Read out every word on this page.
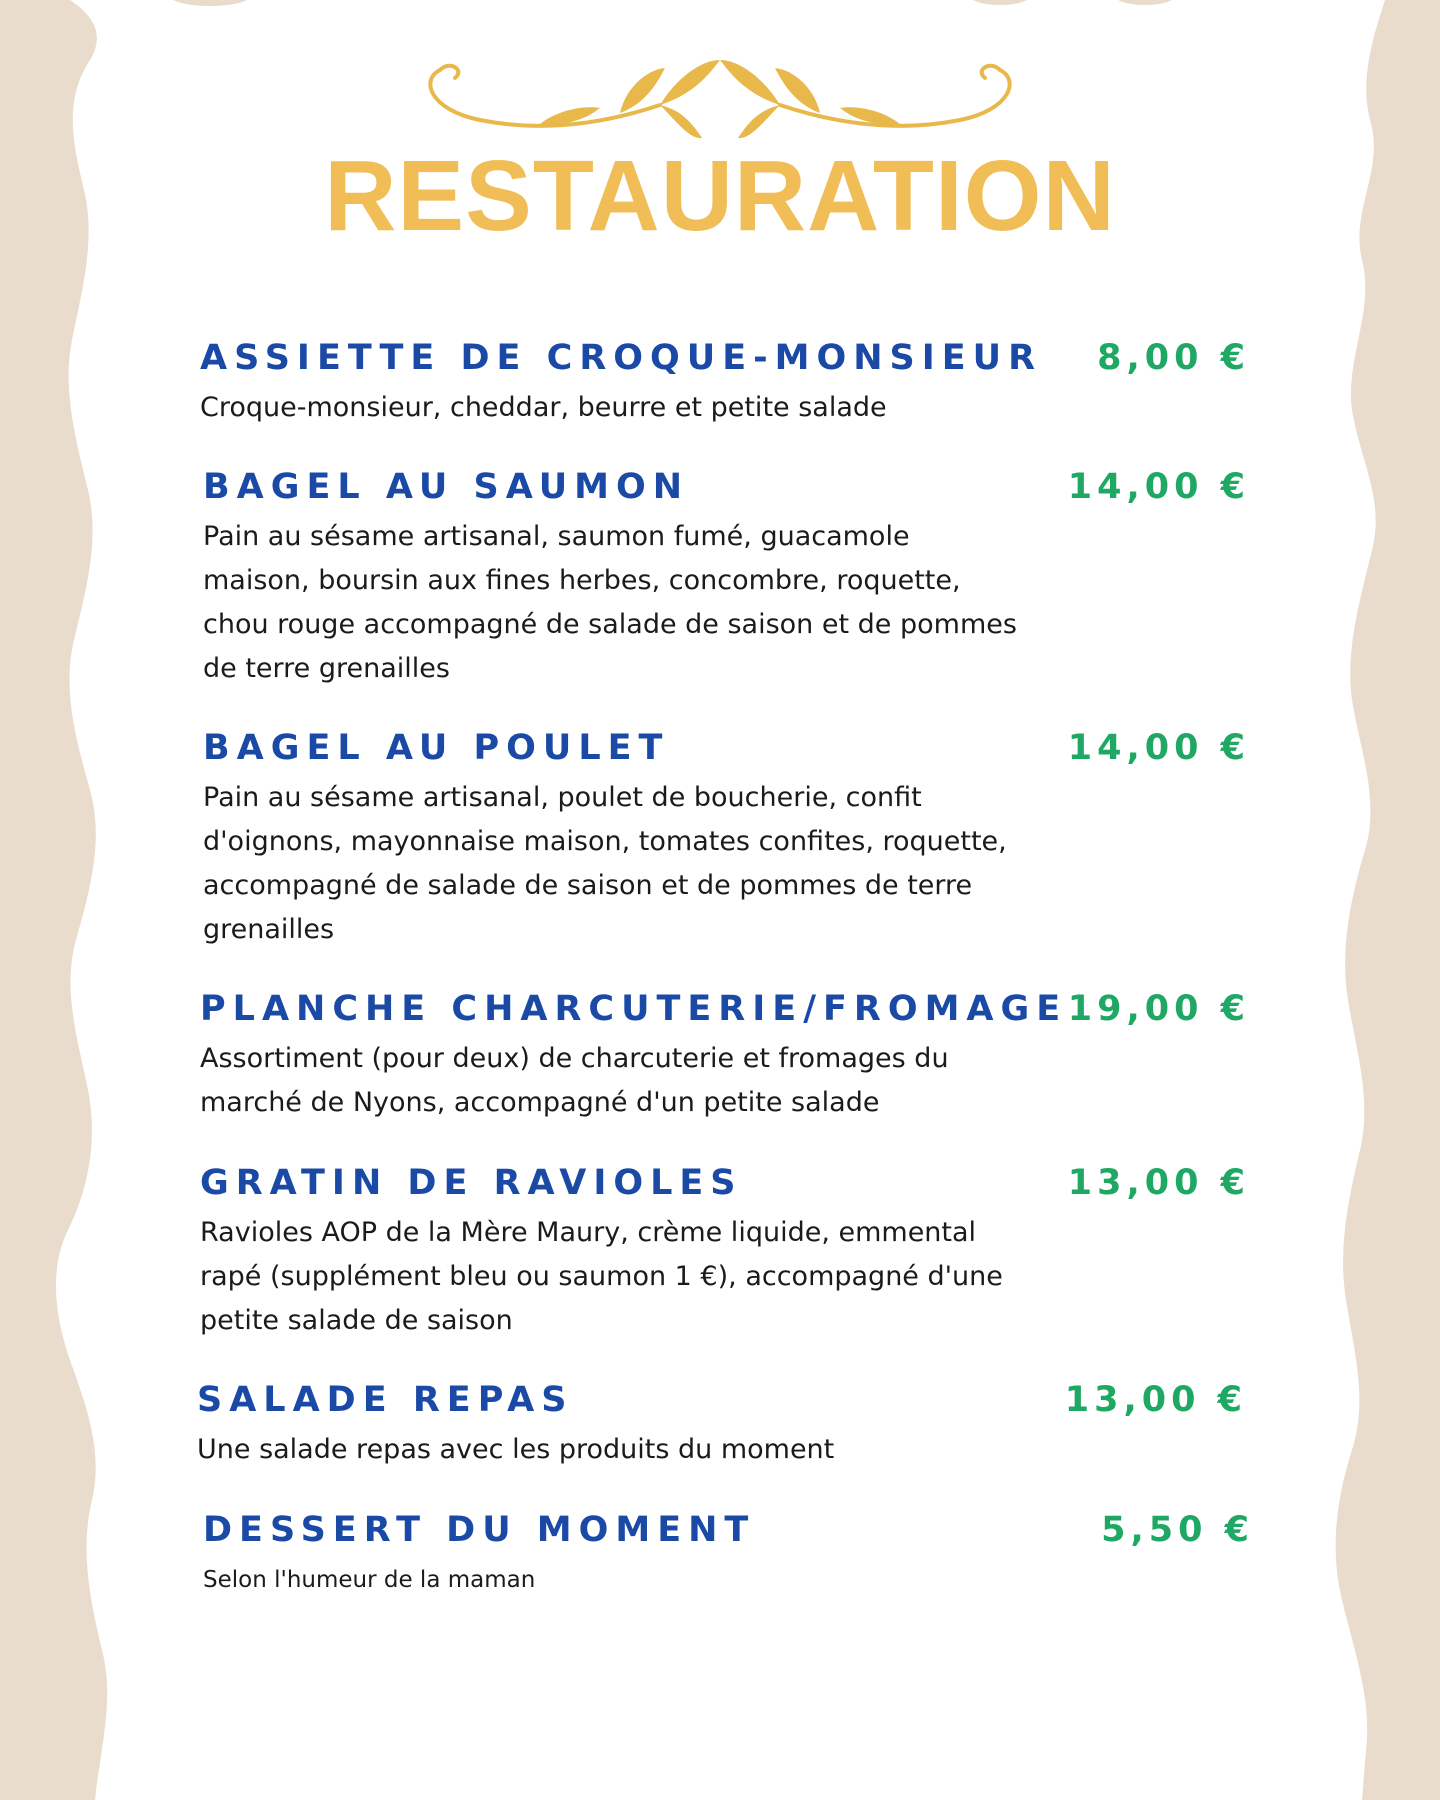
RESTAURATION
ASSIETTE DE CROQUE-MONSIEUR 8,00 €

Croque-monsieur, cheddar, beurre et petite salade

BAGEL AU SAUMON	14,00 €

Pain au sésame artisanal, saumon fumé, guacamole maison, boursin aux fines herbes, concombre, roquette, chou rouge accompagné de salade de saison et de pommes de terre grenailles

BAGEL AU POULET	14,00 €

Pain au sésame artisanal, poulet de boucherie, confit d'oignons, mayonnaise maison, tomates confites, roquette, accompagné de salade de saison et de pommes de terre grenailles

PLANCHE CHARCUTERIE/FROMAGE 19,00 €

Assortiment (pour deux) de charcuterie et fromages du marché de Nyons, accompagné d'un petite salade

GRATIN DE RAVIOLES	13,00 €

Ravioles AOP de la Mère Maury, crème liquide, emmental rapé (supplément bleu ou saumon 1 €), accompagné d'une petite salade de saison

SALADE REPAS	13,00 €

Une salade repas avec les produits du moment

DESSERT DU MOMENT	5,50 €

Selon l'humeur de la maman
